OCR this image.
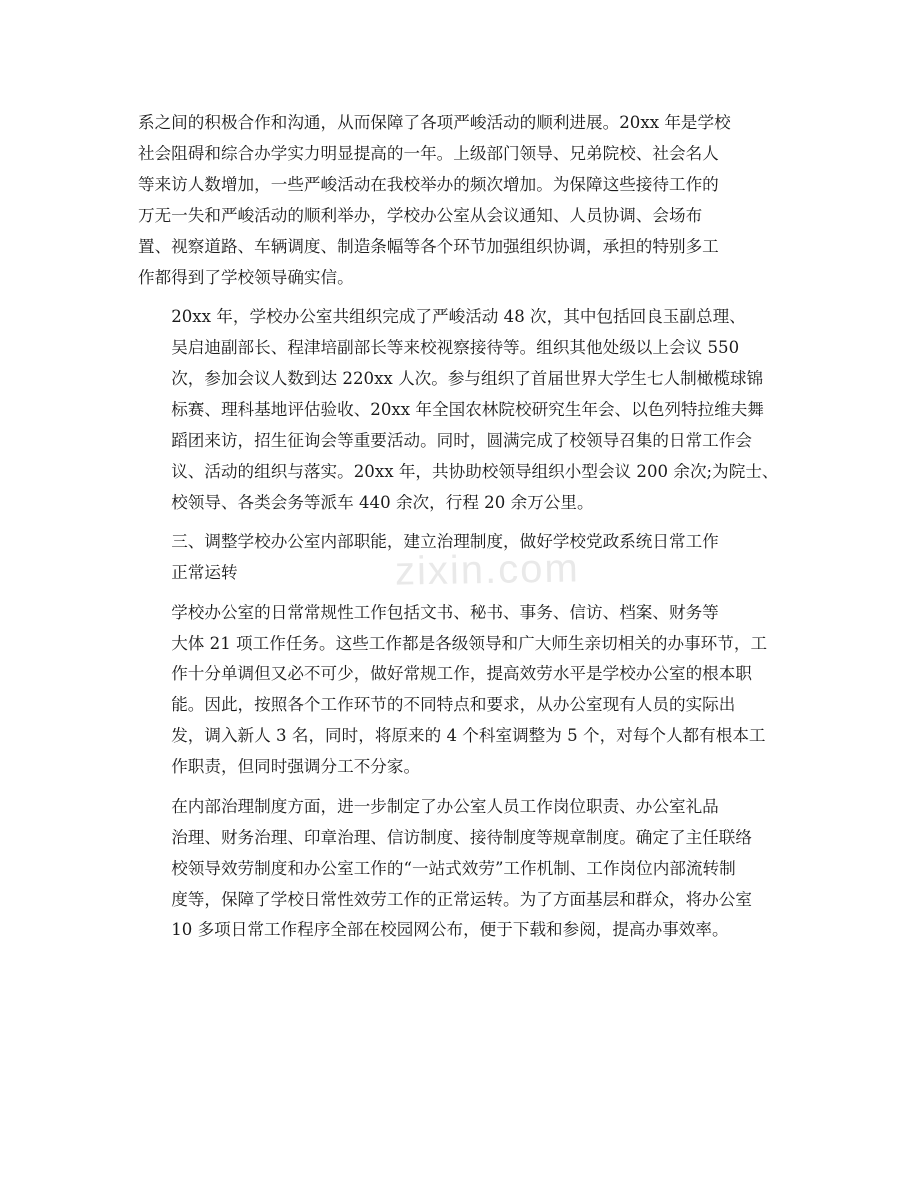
zixin.com

系之间的积极合作和沟通，从而保障了各项严峻活动的顺利进展。20xx 年是学校
社会阻碍和综合办学实力明显提高的一年。上级部门领导、兄弟院校、社会名人
等来访人数增加，一些严峻活动在我校举办的频次增加。为保障这些接待工作的
万无一失和严峻活动的顺利举办，学校办公室从会议通知、人员协调、会场布
置、视察道路、车辆调度、制造条幅等各个环节加强组织协调，承担的特别多工
作都得到了学校领导确实信。

20xx 年，学校办公室共组织完成了严峻活动 48 次，其中包括回良玉副总理、
吴启迪副部长、程津培副部长等来校视察接待等。组织其他处级以上会议 550
次，参加会议人数到达 220xx 人次。参与组织了首届世界大学生七人制橄榄球锦
标赛、理科基地评估验收、20xx 年全国农林院校研究生年会、以色列特拉维夫舞
蹈团来访，招生征询会等重要活动。同时，圆满完成了校领导召集的日常工作会
议、活动的组织与落实。20xx 年，共协助校领导组织小型会议 200 余次;为院士、
校领导、各类会务等派车 440 余次，行程 20 余万公里。

三、调整学校办公室内部职能，建立治理制度，做好学校党政系统日常工作
正常运转

学校办公室的日常常规性工作包括文书、秘书、事务、信访、档案、财务等
大体 21 项工作任务。这些工作都是各级领导和广大师生亲切相关的办事环节，工
作十分单调但又必不可少，做好常规工作，提高效劳水平是学校办公室的根本职
能。因此，按照各个工作环节的不同特点和要求，从办公室现有人员的实际出
发，调入新人 3 名，同时，将原来的 4 个科室调整为 5 个，对每个人都有根本工
作职责，但同时强调分工不分家。

在内部治理制度方面，进一步制定了办公室人员工作岗位职责、办公室礼品
治理、财务治理、印章治理、信访制度、接待制度等规章制度。确定了主任联络
校领导效劳制度和办公室工作的“一站式效劳”工作机制、工作岗位内部流转制
度等，保障了学校日常性效劳工作的正常运转。为了方面基层和群众，将办公室
10 多项日常工作程序全部在校园网公布，便于下载和参阅，提高办事效率。
